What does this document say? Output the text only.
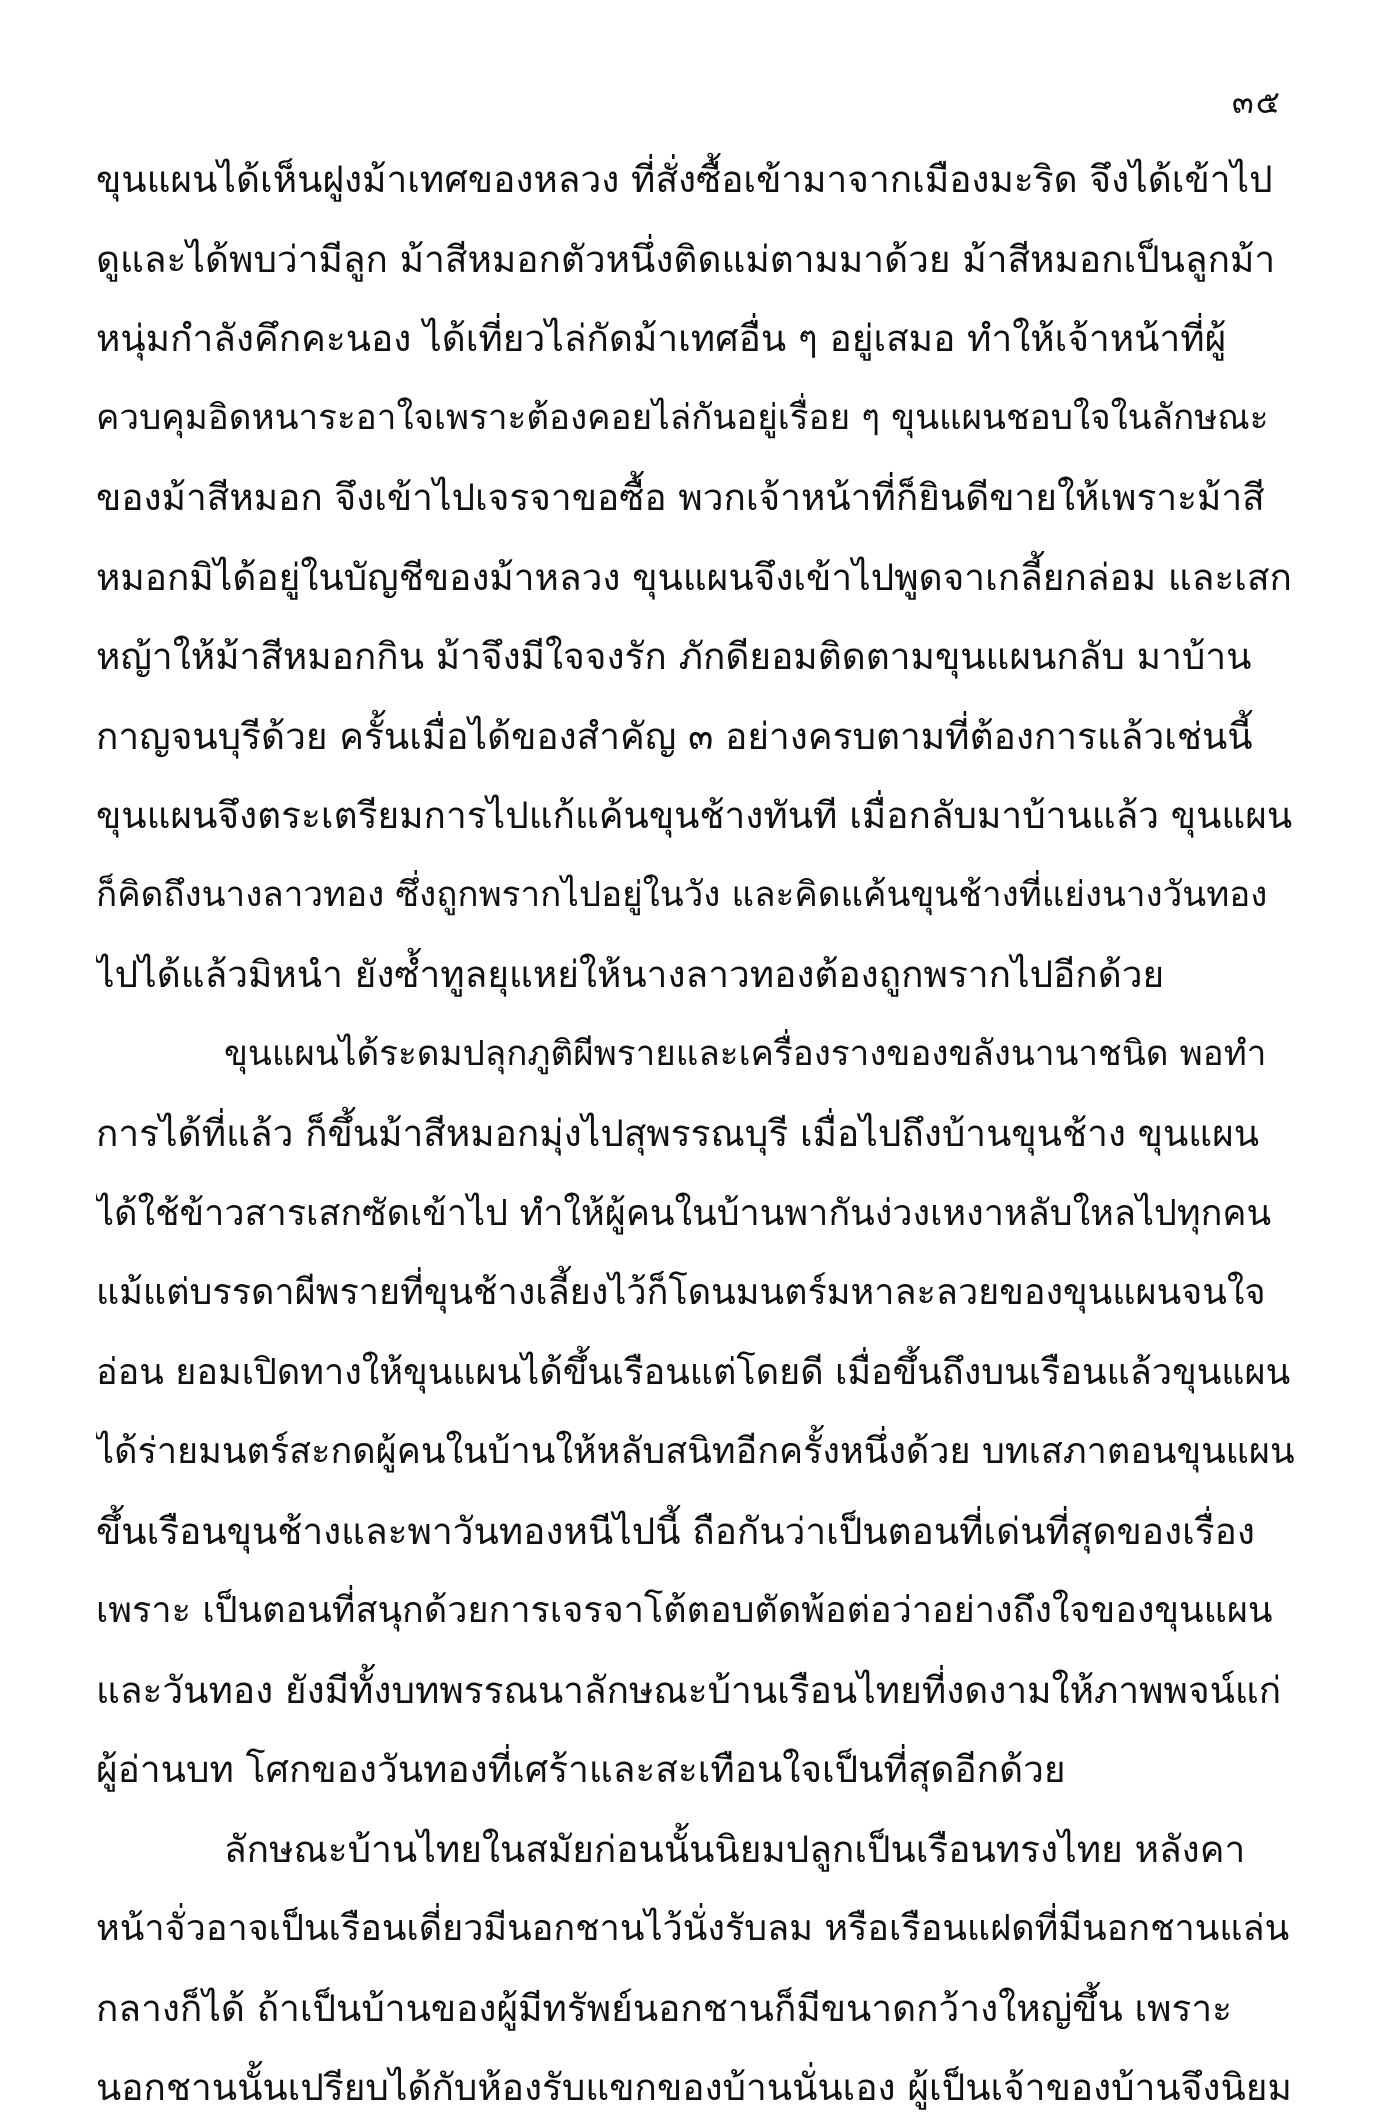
๓๕
ขุนแผนได้เห็นฝูงม้าเทศของหลวง ที่สั่งซื้อเข้ามาจากเมืองมะริด จึงได้เข้าไป
ดูและได้พบว่ามีลูก ม้าสีหมอกตัวหนึ่งติดแม่ตามมาด้วย ม้าสีหมอกเป็นลูกม้า
หนุ่มกำลังคึกคะนอง ได้เที่ยวไล่กัดม้าเทศอื่น ๆ อยู่เสมอ ทำให้เจ้าหน้าที่ผู้
ควบคุมอิดหนาระอาใจเพราะต้องคอยไล่กันอยู่เรื่อย ๆ ขุนแผนชอบใจในลักษณะ
ของม้าสีหมอก จึงเข้าไปเจรจาขอซื้อ พวกเจ้าหน้าที่ก็ยินดีขายให้เพราะม้าสี
หมอกมิได้อยู่ในบัญชีของม้าหลวง ขุนแผนจึงเข้าไปพูดจาเกลี้ยกล่อม และเสก
หญ้าให้ม้าสีหมอกกิน ม้าจึงมีใจจงรัก ภักดียอมติดตามขุนแผนกลับ มาบ้าน
กาญจนบุรีด้วย ครั้นเมื่อได้ของสำคัญ ๓ อย่างครบตามที่ต้องการแล้วเช่นนี้
ขุนแผนจึงตระเตรียมการไปแก้แค้นขุนช้างทันที เมื่อกลับมาบ้านแล้ว ขุนแผน
ก็คิดถึงนางลาวทอง ซึ่งถูกพรากไปอยู่ในวัง และคิดแค้นขุนช้างที่แย่งนางวันทอง
ไปได้แล้วมิหนำ ยังซ้ำทูลยุแหย่ให้นางลาวทองต้องถูกพรากไปอีกด้วย
ขุนแผนได้ระดมปลุกภูติผีพรายและเครื่องรางของขลังนานาชนิด พอทำ
การได้ที่แล้ว ก็ขึ้นม้าสีหมอกมุ่งไปสุพรรณบุรี เมื่อไปถึงบ้านขุนช้าง ขุนแผน
ได้ใช้ข้าวสารเสกซัดเข้าไป ทำให้ผู้คนในบ้านพากันง่วงเหงาหลับใหลไปทุกคน
แม้แต่บรรดาผีพรายที่ขุนช้างเลี้ยงไว้ก็โดนมนตร์มหาละลวยของขุนแผนจนใจ
อ่อน ยอมเปิดทางให้ขุนแผนได้ขึ้นเรือนแต่โดยดี เมื่อขึ้นถึงบนเรือนแล้วขุนแผน
ได้ร่ายมนตร์สะกดผู้คนในบ้านให้หลับสนิทอีกครั้งหนึ่งด้วย บทเสภาตอนขุนแผน
ขึ้นเรือนขุนช้างและพาวันทองหนีไปนี้ ถือกันว่าเป็นตอนที่เด่นที่สุดของเรื่อง
เพราะ เป็นตอนที่สนุกด้วยการเจรจาโต้ตอบตัดพ้อต่อว่าอย่างถึงใจของขุนแผน
และวันทอง ยังมีทั้งบทพรรณนาลักษณะบ้านเรือนไทยที่งดงามให้ภาพพจน์แก่
ผู้อ่านบท โศกของวันทองที่เศร้าและสะเทือนใจเป็นที่สุดอีกด้วย
ลักษณะบ้านไทยในสมัยก่อนนั้นนิยมปลูกเป็นเรือนทรงไทย หลังคา
หน้าจั่วอาจเป็นเรือนเดี่ยวมีนอกชานไว้นั่งรับลม หรือเรือนแฝดที่มีนอกชานแล่น
กลางก็ได้ ถ้าเป็นบ้านของผู้มีทรัพย์นอกชานก็มีขนาดกว้างใหญ่ขึ้น เพราะ
นอกชานนั้นเปรียบได้กับห้องรับแขกของบ้านนั่นเอง ผู้เป็นเจ้าของบ้านจึงนิยม
